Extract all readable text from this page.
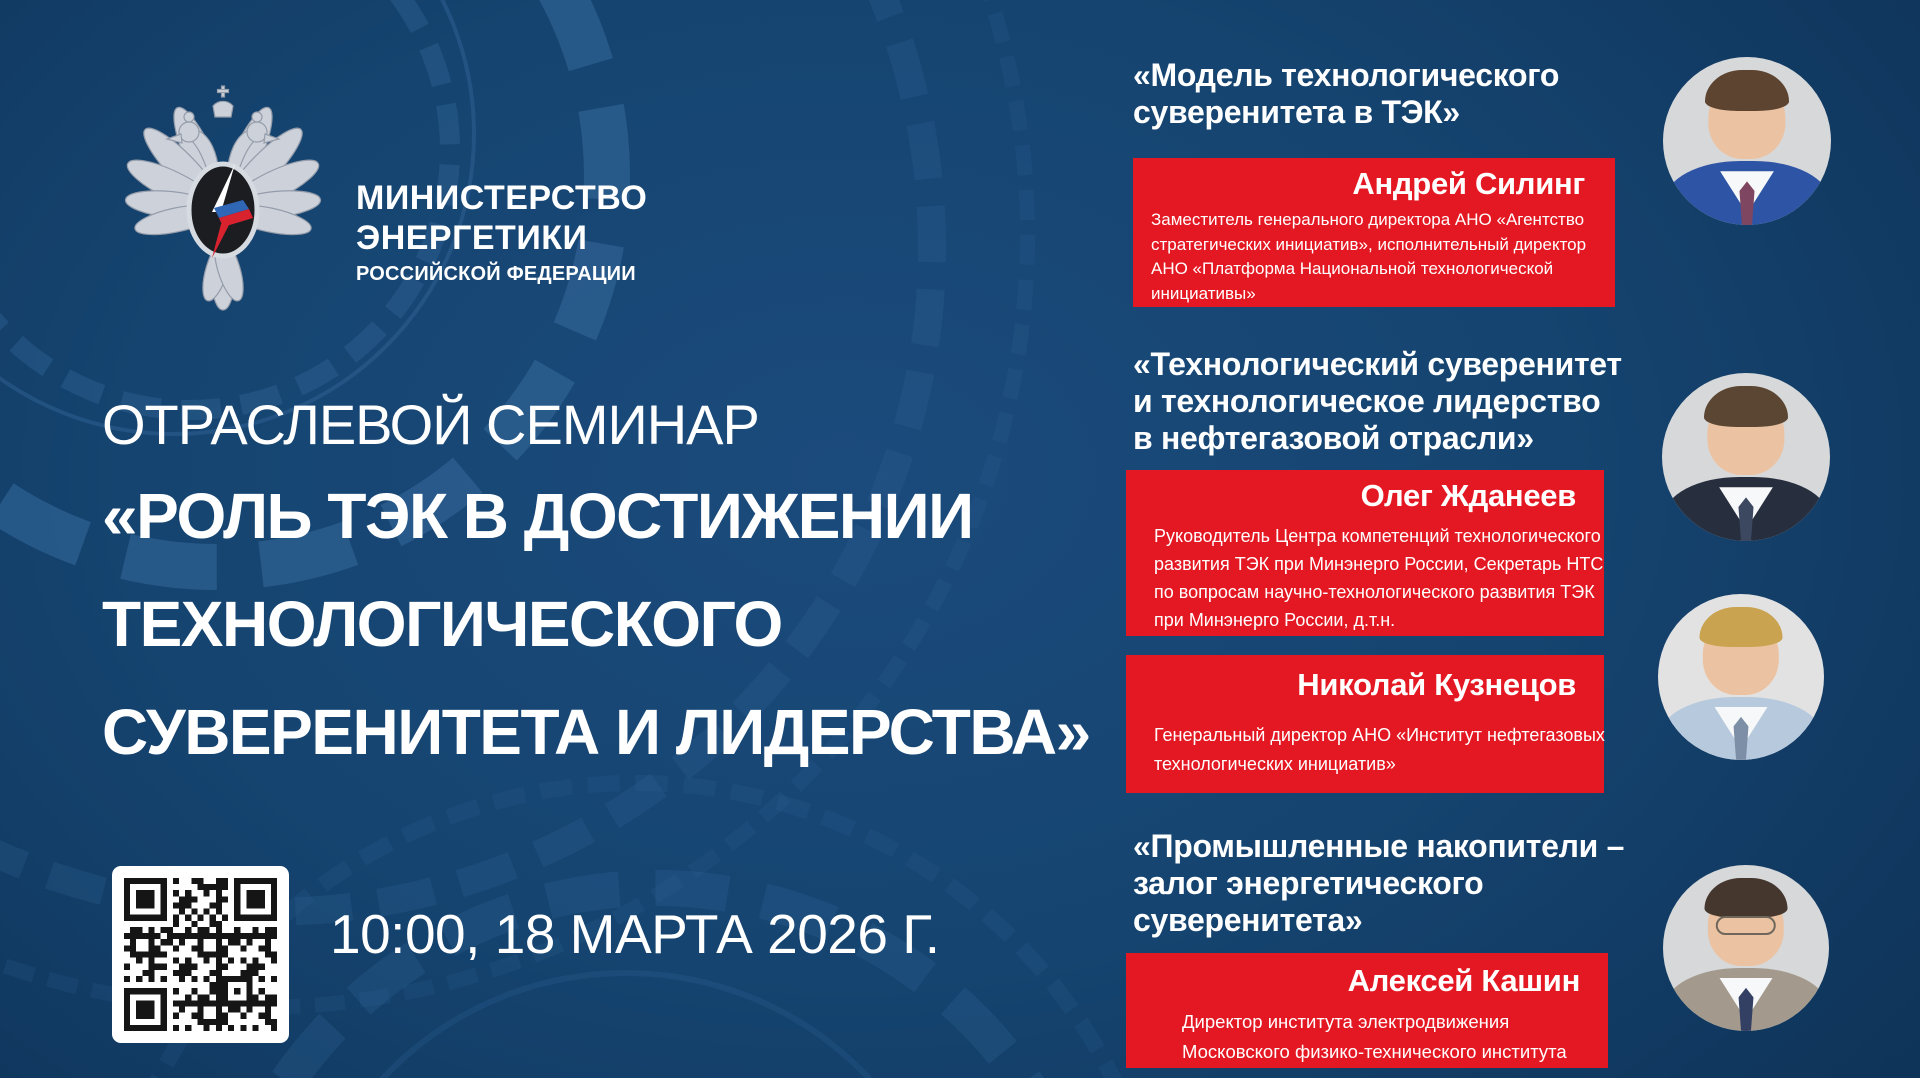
МИНИСТЕРСТВО
ЭНЕРГЕТИКИ
РОССИЙСКОЙ ФЕДЕРАЦИИ
ОТРАСЛЕВОЙ СЕМИНАР
«РОЛЬ ТЭК В ДОСТИЖЕНИИ
ТЕХНОЛОГИЧЕСКОГО
СУВЕРЕНИТЕТА И ЛИДЕРСТВА»
10:00, 18 МАРТА 2026 Г.
«Модель технологического
суверенитета в ТЭК»
Андрей Силинг
Заместитель генерального директора АНО «Агентство
стратегических инициатив», исполнительный директор
АНО «Платформа Национальной технологической
инициативы»
«Технологический суверенитет
и технологическое лидерство
в нефтегазовой отрасли»
Олег Жданеев
Руководитель Центра компетенций технологического
развития ТЭК при Минэнерго России, Секретарь НТС
по вопросам научно-технологического развития ТЭК
при Минэнерго России, д.т.н.
Николай Кузнецов
Генеральный директор АНО «Институт нефтегазовых
технологических инициатив»
«Промышленные накопители –
залог энергетического
суверенитета»
Алексей Кашин
Директор института электродвижения
Московского физико-технического института
